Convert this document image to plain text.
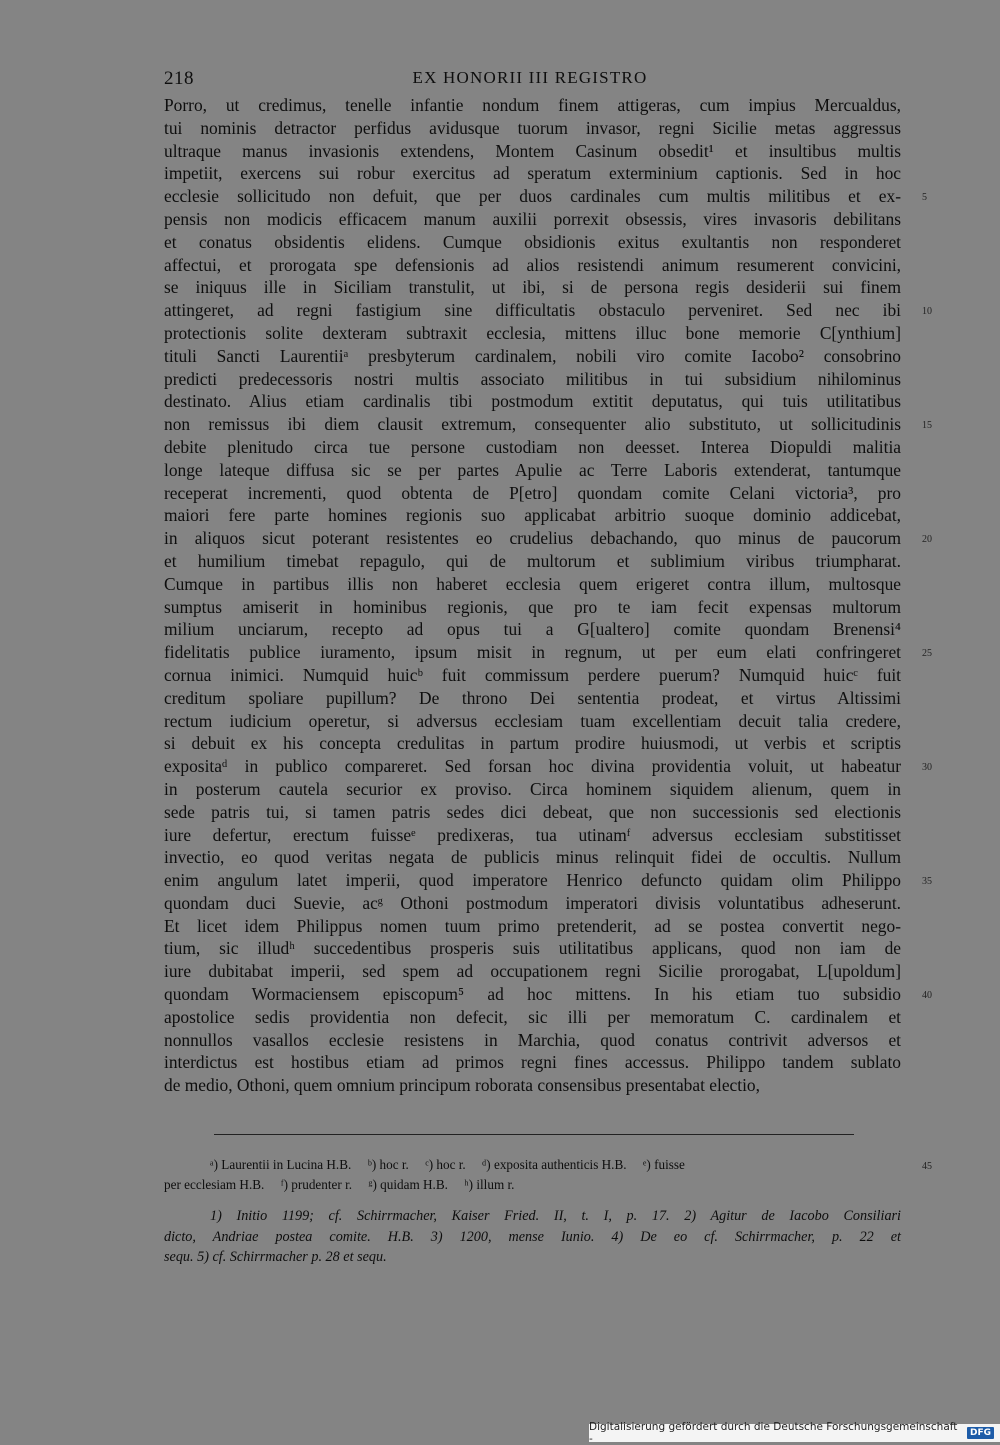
218	EX HONORII III REGISTRO
Porro, ut credimus, tenelle infantie nondum finem attigeras, cum impius Mercualdus,
tui nominis detractor perfidus avidusque tuorum invasor, regni Sicilie metas aggressus
ultraque manus invasionis extendens, Montem Casinum obsedit¹ et insultibus multis
impetiit, exercens sui robur exercitus ad speratum exterminium captionis. Sed in hoc
ecclesie sollicitudo non defuit, que per duos cardinales cum multis militibus et ex-
pensis non modicis efficacem manum auxilii porrexit obsessis, vires invasoris debilitans
et conatus obsidentis elidens. Cumque obsidionis exitus exultantis non responderet
affectui, et prorogata spe defensionis ad alios resistendi animum resumerent convicini,
se iniquus ille in Siciliam transtulit, ut ibi, si de persona regis desiderii sui finem
attingeret, ad regni fastigium sine difficultatis obstaculo perveniret. Sed nec ibi
protectionis solite dexteram subtraxit ecclesia, mittens illuc bone memorie C[ynthium]
tituli Sancti Laurentiiᵃ presbyterum cardinalem, nobili viro comite Iacobo² consobrino
predicti predecessoris nostri multis associato militibus in tui subsidium nihilominus
destinato. Alius etiam cardinalis tibi postmodum extitit deputatus, qui tuis utilitatibus
non remissus ibi diem clausit extremum, consequenter alio substituto, ut sollicitudinis
debite plenitudo circa tue persone custodiam non deesset. Interea Diopuldi malitia
longe lateque diffusa sic se per partes Apulie ac Terre Laboris extenderat, tantumque
receperat incrementi, quod obtenta de P[etro] quondam comite Celani victoria³, pro
maiori fere parte homines regionis suo applicabat arbitrio suoque dominio addicebat,
in aliquos sicut poterant resistentes eo crudelius debachando, quo minus de paucorum
et humilium timebat repagulo, qui de multorum et sublimium viribus triumpharat.
Cumque in partibus illis non haberet ecclesia quem erigeret contra illum, multosque
sumptus amiserit in hominibus regionis, que pro te iam fecit expensas multorum
milium unciarum, recepto ad opus tui a G[ualtero] comite quondam Brenensi⁴
fidelitatis publice iuramento, ipsum misit in regnum, ut per eum elati confringeret
cornua inimici. Numquid huicᵇ fuit commissum perdere puerum? Numquid huicᶜ fuit
creditum spoliare pupillum? De throno Dei sententia prodeat, et virtus Altissimi
rectum iudicium operetur, si adversus ecclesiam tuam excellentiam decuit talia credere,
si debuit ex his concepta credulitas in partum prodire huiusmodi, ut verbis et scriptis
expositaᵈ in publico compareret. Sed forsan hoc divina providentia voluit, ut habeatur
in posterum cautela securior ex proviso. Circa hominem siquidem alienum, quem in
sede patris tui, si tamen patris sedes dici debeat, que non successionis sed electionis
iure defertur, erectum fuisseᵉ predixeras, tua utinamᶠ adversus ecclesiam substitisset
invectio, eo quod veritas negata de publicis minus relinquit fidei de occultis. Nullum
enim angulum latet imperii, quod imperatore Henrico defuncto quidam olim Philippo
quondam duci Suevie, acᵍ Othoni postmodum imperatori divisis voluntatibus adheserunt.
Et licet idem Philippus nomen tuum primo pretenderit, ad se postea convertit nego-
tium, sic illudʰ succedentibus prosperis suis utilitatibus applicans, quod non iam de
iure dubitabat imperii, sed spem ad occupationem regni Sicilie prorogabat, L[upoldum]
quondam Wormaciensem episcopum⁵ ad hoc mittens. In his etiam tuo subsidio
apostolice sedis providentia non defecit, sic illi per memoratum C. cardinalem et
nonnullos vasallos ecclesie resistens in Marchia, quod conatus contrivit adversos et
interdictus est hostibus etiam ad primos regni fines accessus. Philippo tandem sublato
de medio, Othoni, quem omnium principum roborata consensibus presentabat electio,
5
10
15
20
25
30
35
40
45
ᵃ) Laurentii in Lucina H.B.     ᵇ) hoc r.     ᶜ) hoc r.     ᵈ) exposita authenticis H.B.     ᵉ) fuisse
per ecclesiam H.B.     ᶠ) prudenter r.     ᵍ) quidam H.B.     ʰ) illum r.
1) Initio 1199; cf. Schirrmacher, Kaiser Fried. II, t. I, p. 17. 2) Agitur de Iacobo Consiliari
dicto, Andriae postea comite. H.B. 3) 1200, mense Iunio. 4) De eo cf. Schirrmacher, p. 22 et
sequ. 5) cf. Schirrmacher p. 28 et sequ.
Digitalisierung gefördert durch die Deutsche Forschungsgemeinschaft -	DFG
